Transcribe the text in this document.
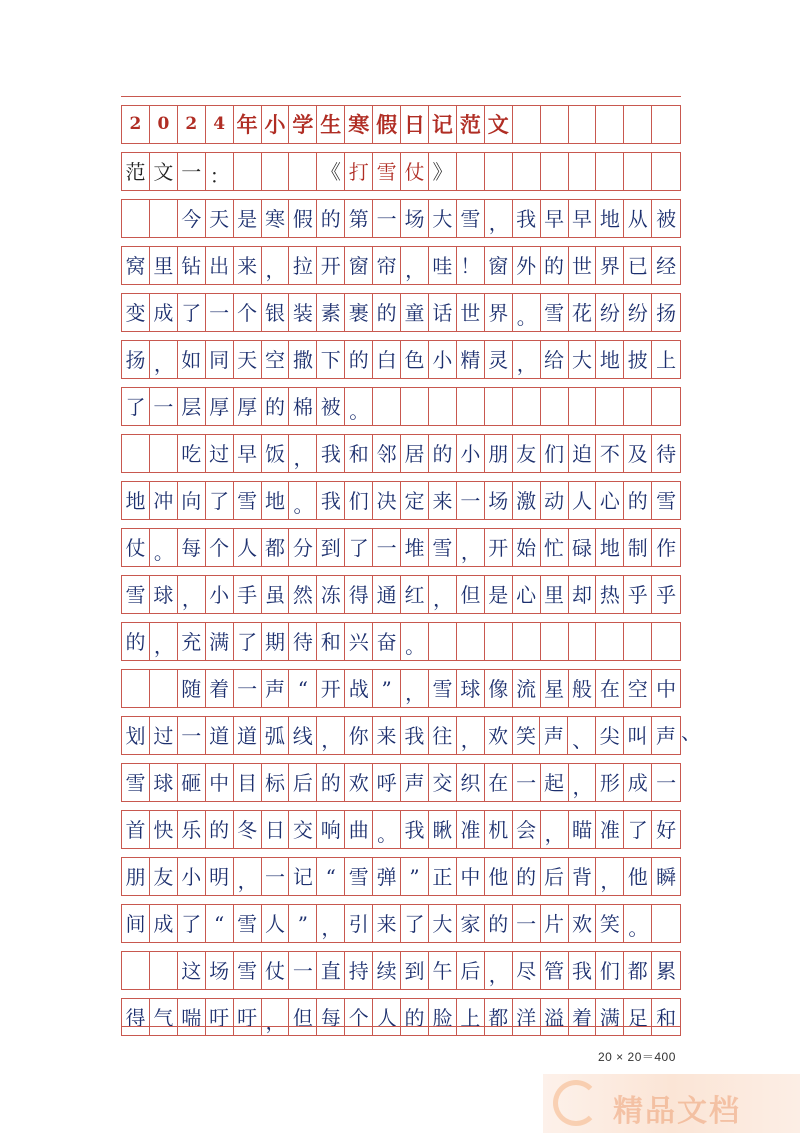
2 0 2 4 年 小 学 生 寒 假 日 记 范 文
范 文 一 ：	《 打 雪 仗 》
今 天 是 寒 假 的 第 一 场 大 雪 ， 我 早 早 地 从 被
窝 里 钻 出 来 ， 拉 开 窗 帘 ， 哇 ！ 窗 外 的 世 界 已 经
变 成 了 一 个 银 装 素 裹 的 童 话 世 界 。 雪 花 纷 纷 扬
扬 ， 如 同 天 空 撒 下 的 白 色 小 精 灵 ， 给 大 地 披 上
了 一 层 厚 厚 的 棉 被 。
吃 过 早 饭 ， 我 和 邻 居 的 小 朋 友 们 迫 不 及 待
地 冲 向 了 雪 地 。 我 们 决 定 来 一 场 激 动 人 心 的 雪
仗 。 每 个 人 都 分 到 了 一 堆 雪 ， 开 始 忙 碌 地 制 作
雪 球 ， 小 手 虽 然 冻 得 通 红 ， 但 是 心 里 却 热 乎 乎
的 ， 充 满 了 期 待 和 兴 奋 。
随 着 一 声 “ 开 战 ” ， 雪 球 像 流 星 般 在 空 中
划 过 一 道 道 弧 线 ， 你 来 我 往 ， 欢 笑 声 、 尖 叫 声
雪 球 砸 中 目 标 后 的 欢 呼 声 交 织 在 一 起 ， 形 成 一
首 快 乐 的 冬 日 交 响 曲 。 我 瞅 准 机 会 ， 瞄 准 了 好
朋 友 小 明 ， 一 记 “ 雪 弹 ” 正 中 他 的 后 背 ， 他 瞬
间 成 了 “ 雪 人 ” ， 引 来 了 大 家 的 一 片 欢 笑 。
这 场 雪 仗 一 直 持 续 到 午 后 ， 尽 管 我 们 都 累
得 气 喘 吁 吁 ， 但 每 个 人 的 脸 上 都 洋 溢 着 满 足 和
、
20 × 20＝400
精品文档
